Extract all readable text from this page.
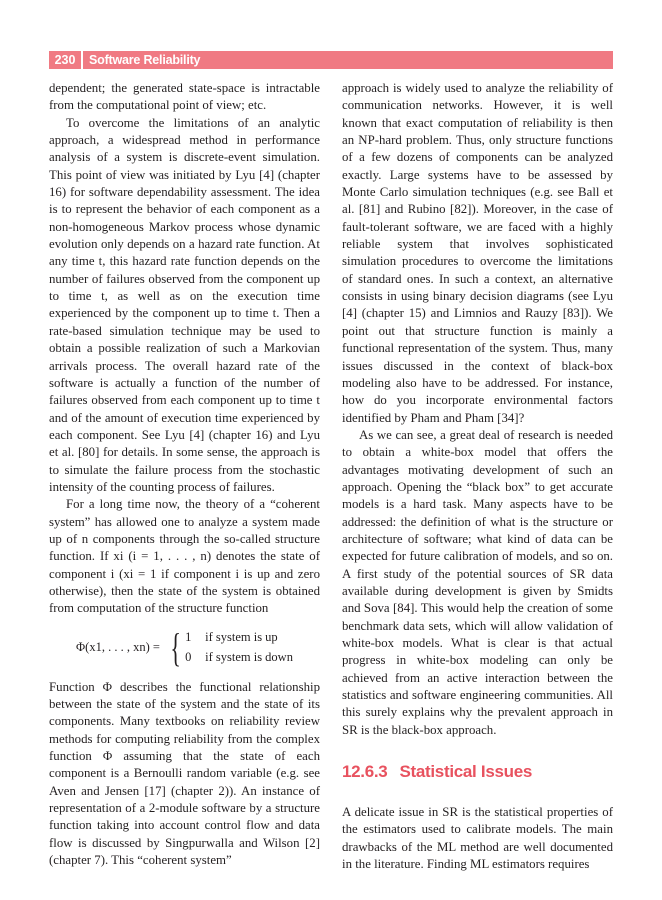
230	Software Reliability

dependent; the generated state-space is intractable from the computational point of view; etc.

To overcome the limitations of an analytic approach, a widespread method in performance analysis of a system is discrete-event simulation. This point of view was initiated by Lyu [4] (chapter 16) for software dependability assessment. The idea is to represent the behavior of each component as a non-homogeneous Markov process whose dynamic evolution only depends on a hazard rate function. At any time t, this hazard rate function depends on the number of failures observed from the component up to time t, as well as on the execution time experienced by the component up to time t. Then a rate-based simulation technique may be used to obtain a possible realization of such a Markovian arrivals process. The overall hazard rate of the software is actually a function of the number of failures observed from each component up to time t and of the amount of execution time experienced by each component. See Lyu [4] (chapter 16) and Lyu et al. [80] for details. In some sense, the approach is to simulate the failure process from the stochastic intensity of the counting process of failures.

For a long time now, the theory of a “coherent system” has allowed one to analyze a system made up of n components through the so-called structure function. If xi (i = 1, . . . , n) denotes the state of component i (xi = 1 if component i is up and zero otherwise), then the state of the system is obtained from computation of the structure function

Φ(x1, . . . , xn) = { 1	if system is up
0	if system is down

Function Φ describes the functional relationship between the state of the system and the state of its components. Many textbooks on reliability review methods for computing reliability from the complex function Φ assuming that the state of each component is a Bernoulli random variable (e.g. see Aven and Jensen [17] (chapter 2)). An instance of representation of a 2-module software by a structure function taking into account control flow and data flow is discussed by Singpurwalla and Wilson [2] (chapter 7). This “coherent system”

approach is widely used to analyze the reliability of communication networks. However, it is well known that exact computation of reliability is then an NP-hard problem. Thus, only structure functions of a few dozens of components can be analyzed exactly. Large systems have to be assessed by Monte Carlo simulation techniques (e.g. see Ball et al. [81] and Rubino [82]). Moreover, in the case of fault-tolerant software, we are faced with a highly reliable system that involves sophisticated simulation procedures to overcome the limitations of standard ones. In such a context, an alternative consists in using binary decision diagrams (see Lyu [4] (chapter 15) and Limnios and Rauzy [83]). We point out that structure function is mainly a functional representation of the system. Thus, many issues discussed in the context of black-box modeling also have to be addressed. For instance, how do you incorporate environmental factors identified by Pham and Pham [34]?

As we can see, a great deal of research is needed to obtain a white-box model that offers the advantages motivating development of such an approach. Opening the “black box” to get accurate models is a hard task. Many aspects have to be addressed: the definition of what is the structure or architecture of software; what kind of data can be expected for future calibration of models, and so on. A first study of the potential sources of SR data available during development is given by Smidts and Sova [84]. This would help the creation of some benchmark data sets, which will allow validation of white-box models. What is clear is that actual progress in white-box modeling can only be achieved from an active interaction between the statistics and software engineering communities. All this surely explains why the prevalent approach in SR is the black-box approach.

12.6.3 Statistical Issues

A delicate issue in SR is the statistical properties of the estimators used to calibrate models. The main drawbacks of the ML method are well documented in the literature. Finding ML estimators requires
